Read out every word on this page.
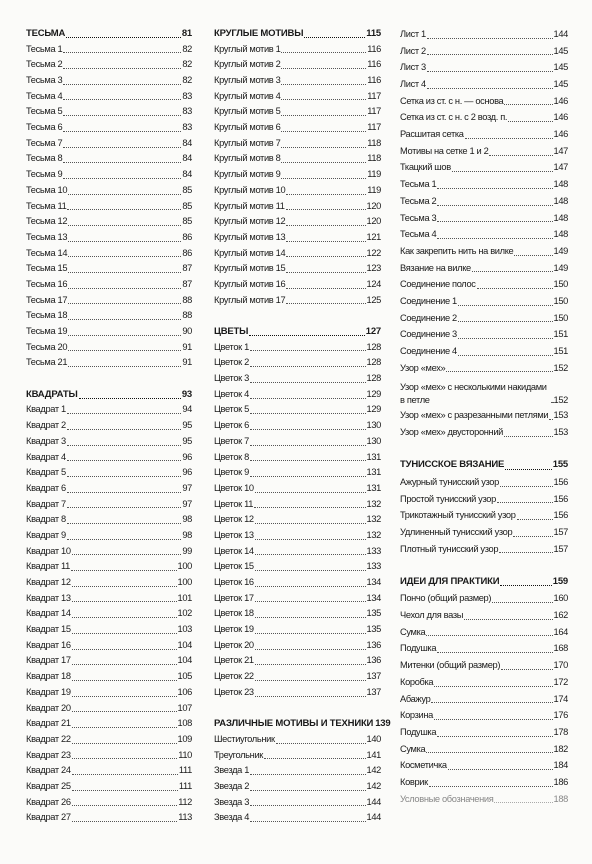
ТЕСЬМА	81
Тесьма 1	82
Тесьма 2	82
Тесьма 3	82
Тесьма 4	83
Тесьма 5	83
Тесьма 6	83
Тесьма 7	84
Тесьма 8	84
Тесьма 9	84
Тесьма 10	85
Тесьма 11	85
Тесьма 12	85
Тесьма 13	86
Тесьма 14	86
Тесьма 15	87
Тесьма 16	87
Тесьма 17	88
Тесьма 18	88
Тесьма 19	90
Тесьма 20	91
Тесьма 21	91
КВАДРАТЫ	93
Квадрат 1	94
Квадрат 2	95
Квадрат 3	95
Квадрат 4	96
Квадрат 5	96
Квадрат 6	97
Квадрат 7	97
Квадрат 8	98
Квадрат 9	98
Квадрат 10	99
Квадрат 11	100
Квадрат 12	100
Квадрат 13	101
Квадрат 14	102
Квадрат 15	103
Квадрат 16	104
Квадрат 17	104
Квадрат 18	105
Квадрат 19	106
Квадрат 20	107
Квадрат 21	108
Квадрат 22	109
Квадрат 23	110
Квадрат 24	111
Квадрат 25	111
Квадрат 26	112
Квадрат 27	113
КРУГЛЫЕ МОТИВЫ	115
Круглый мотив 1	116
Круглый мотив 2	116
Круглый мотив 3	116
Круглый мотив 4	117
Круглый мотив 5	117
Круглый мотив 6	117
Круглый мотив 7	118
Круглый мотив 8	118
Круглый мотив 9	119
Круглый мотив 10	119
Круглый мотив 11	120
Круглый мотив 12	120
Круглый мотив 13	121
Круглый мотив 14	122
Круглый мотив 15	123
Круглый мотив 16	124
Круглый мотив 17	125
ЦВЕТЫ	127
Цветок 1	128
Цветок 2	128
Цветок 3	128
Цветок 4	129
Цветок 5	129
Цветок 6	130
Цветок 7	130
Цветок 8	131
Цветок 9	131
Цветок 10	131
Цветок 11	132
Цветок 12	132
Цветок 13	132
Цветок 14	133
Цветок 15	133
Цветок 16	134
Цветок 17	134
Цветок 18	135
Цветок 19	135
Цветок 20	136
Цветок 21	136
Цветок 22	137
Цветок 23	137
РАЗЛИЧНЫЕ МОТИВЫ И ТЕХНИКИ 139
Шестиугольник	140
Треугольник	141
Звезда 1	142
Звезда 2	142
Звезда 3	144
Звезда 4	144
Лист 1	144
Лист 2	145
Лист 3	145
Лист 4	145
Сетка из ст. с н. — основа	146
Сетка из ст. с н. с 2 возд. п.	146
Расшитая сетка	146
Мотивы на сетке 1 и 2	147
Ткацкий шов	147
Тесьма 1	148
Тесьма 2	148
Тесьма 3	148
Тесьма 4	148
Как закрепить нить на вилке	149
Вязание на вилке	149
Соединение полос	150
Соединение 1	150
Соединение 2	150
Соединение 3	151
Соединение 4	151
Узор «мех»	152
Узор «мех» с несколькими накидами в петле	152
Узор «мех» с разрезанными петлями 153
Узор «мех» двусторонний	153
ТУНИССКОЕ ВЯЗАНИЕ	155
Ажурный тунисский узор	156
Простой тунисский узор	156
Трикотажный тунисский узор	156
Удлиненный тунисский узор	157
Плотный тунисский узор	157
ИДЕИ ДЛЯ ПРАКТИКИ	159
Пончо (общий размер)	160
Чехол для вазы	162
Сумка	164
Подушка	168
Митенки (общий размер)	170
Коробка	172
Абажур	174
Корзина	176
Подушка	178
Сумка	182
Косметичка	184
Коврик	186
Условные обозначения	188
